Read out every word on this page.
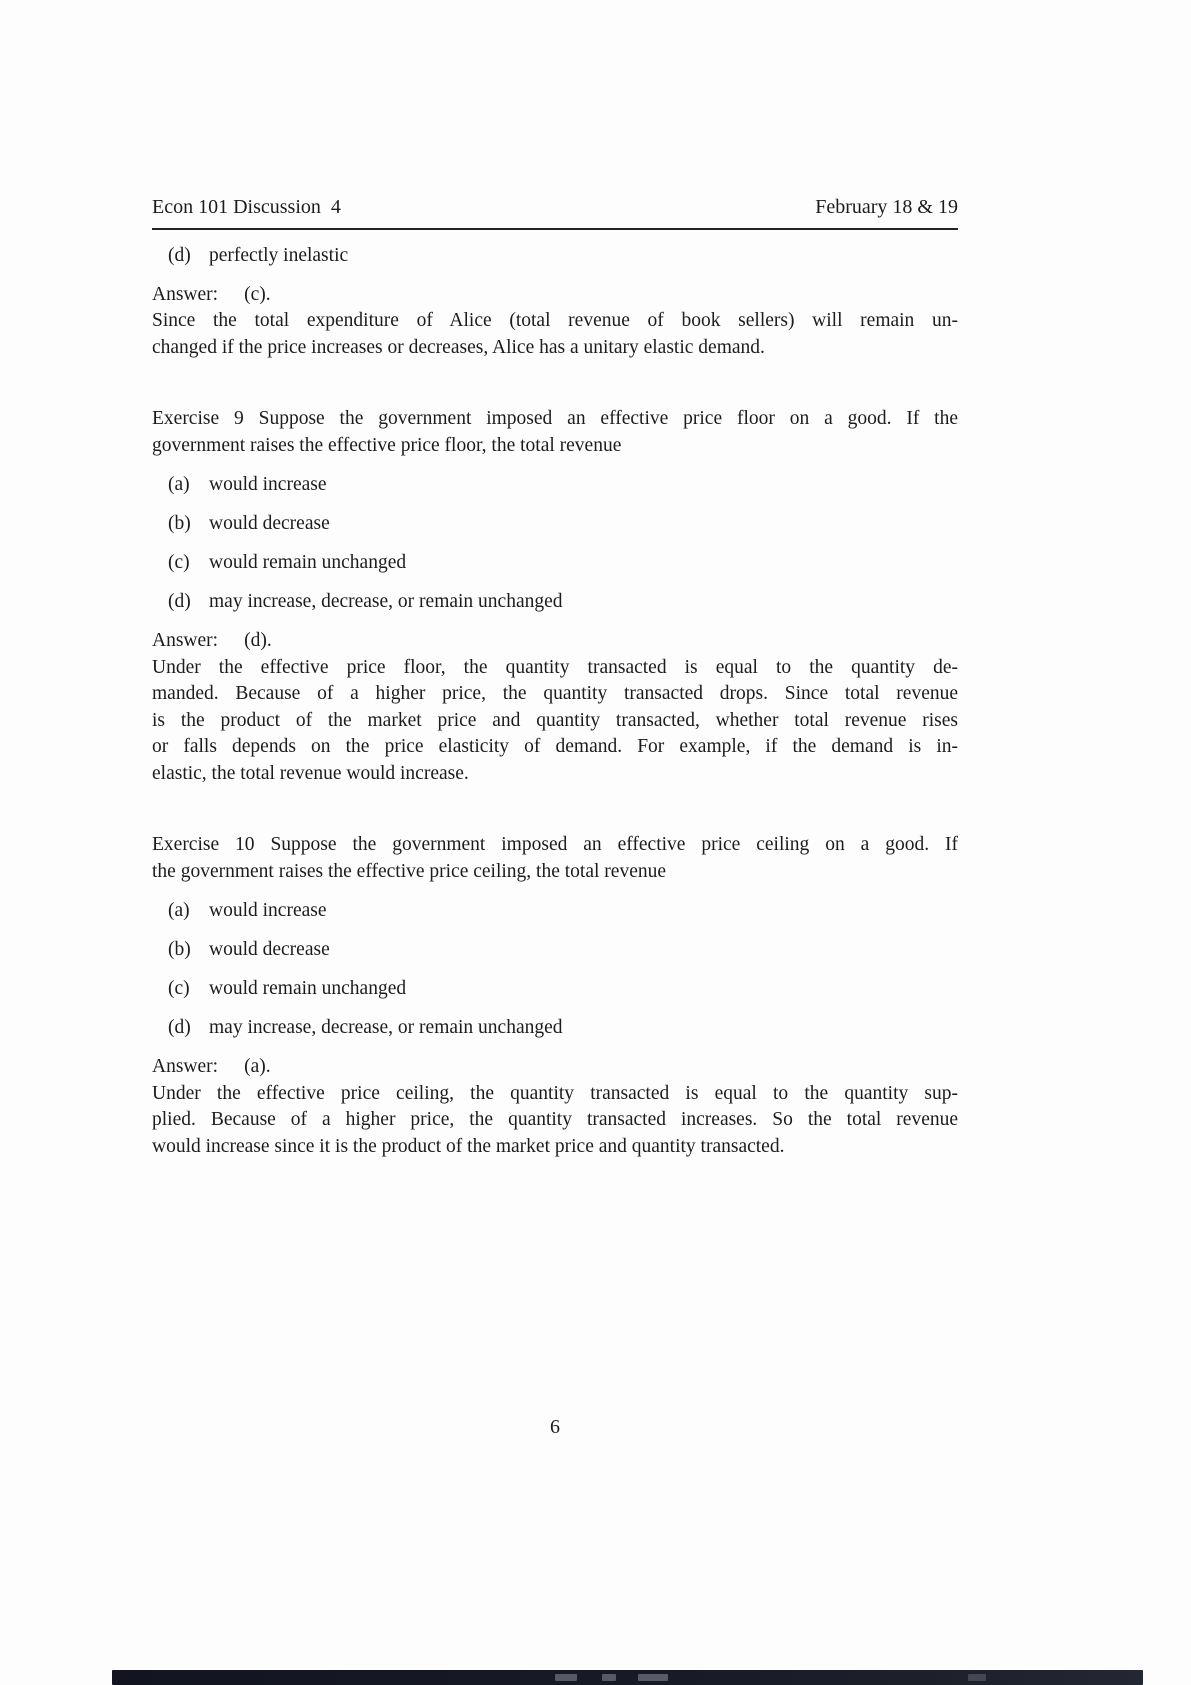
Econ 101 Discussion  4	February 18 & 19
(d) perfectly inelastic
Answer: (c).
Since the total expenditure of Alice (total revenue of book sellers) will remain un-
changed if the price increases or decreases, Alice has a unitary elastic demand.
Exercise 9 Suppose the government imposed an effective price floor on a good. If the
government raises the effective price floor, the total revenue
(a) would increase
(b) would decrease
(c) would remain unchanged
(d) may increase, decrease, or remain unchanged
Answer: (d).
Under the effective price floor, the quantity transacted is equal to the quantity de-
manded. Because of a higher price, the quantity transacted drops. Since total revenue
is the product of the market price and quantity transacted, whether total revenue rises
or falls depends on the price elasticity of demand. For example, if the demand is in-
elastic, the total revenue would increase.
Exercise 10 Suppose the government imposed an effective price ceiling on a good. If
the government raises the effective price ceiling, the total revenue
(a) would increase
(b) would decrease
(c) would remain unchanged
(d) may increase, decrease, or remain unchanged
Answer: (a).
Under the effective price ceiling, the quantity transacted is equal to the quantity sup-
plied. Because of a higher price, the quantity transacted increases. So the total revenue
would increase since it is the product of the market price and quantity transacted.
6
